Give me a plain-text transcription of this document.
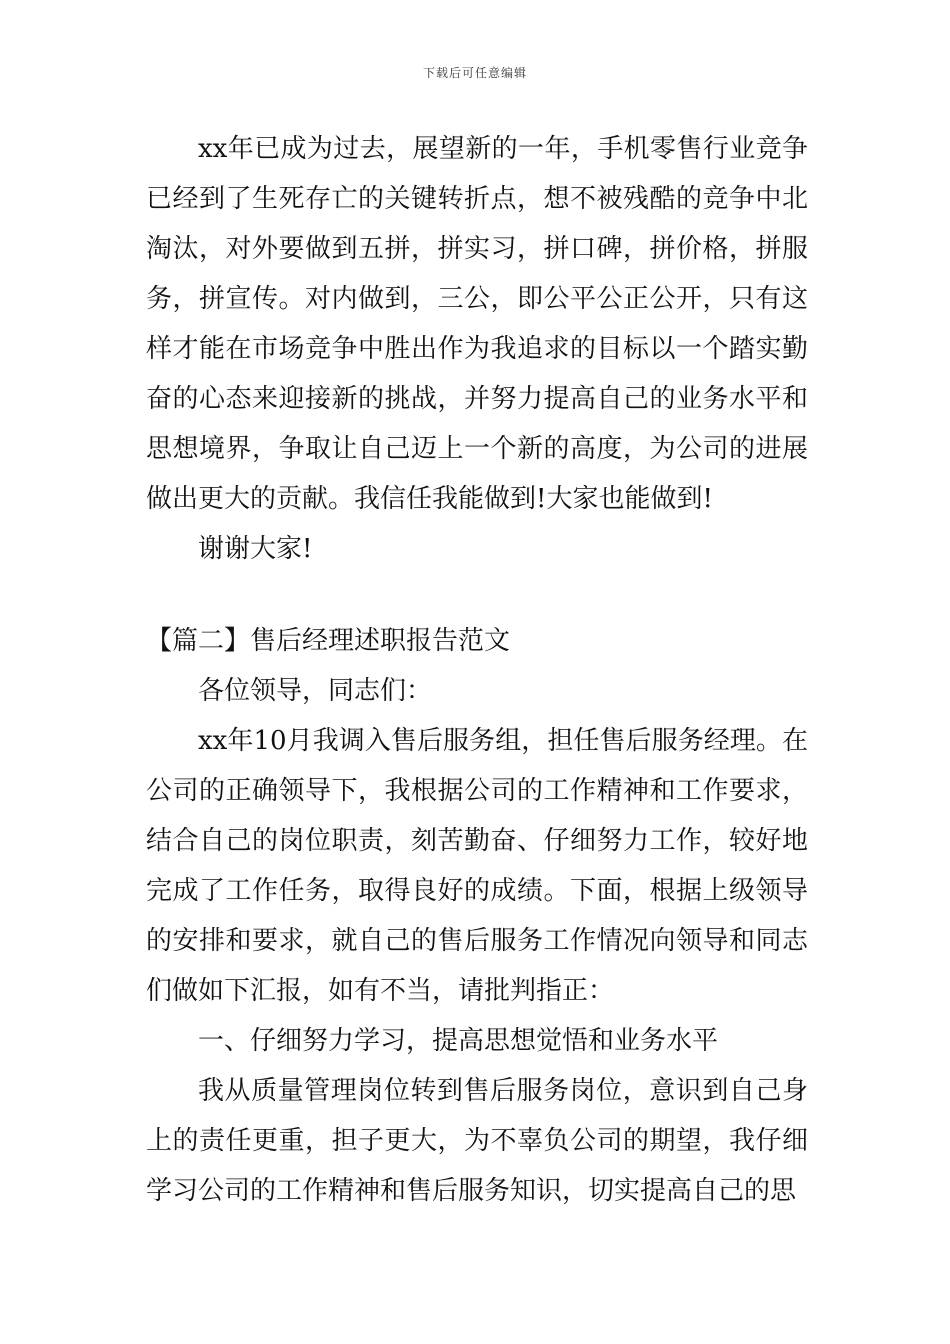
下载后可任意编辑

xx年已成为过去，展望新的一年，手机零售行业竞争已经到了生死存亡的关键转折点，想不被残酷的竞争中北淘汰，对外要做到五拼，拼实习，拼口碑，拼价格，拼服务，拼宣传。对内做到，三公，即公平公正公开，只有这样才能在市场竞争中胜出作为我追求的目标以一个踏实勤奋的心态来迎接新的挑战，并努力提高自己的业务水平和思想境界，争取让自己迈上一个新的高度，为公司的进展做出更大的贡献。我信任我能做到!大家也能做到!

谢谢大家!

【篇二】售后经理述职报告范文

各位领导，同志们：

xx年10月我调入售后服务组，担任售后服务经理。在公司的正确领导下，我根据公司的工作精神和工作要求，结合自己的岗位职责，刻苦勤奋、仔细努力工作，较好地完成了工作任务，取得良好的成绩。下面，根据上级领导的安排和要求，就自己的售后服务工作情况向领导和同志们做如下汇报，如有不当，请批判指正：

一、仔细努力学习，提高思想觉悟和业务水平

我从质量管理岗位转到售后服务岗位，意识到自己身上的责任更重，担子更大，为不辜负公司的期望，我仔细学习公司的工作精神和售后服务知识，切实提高自己的思
